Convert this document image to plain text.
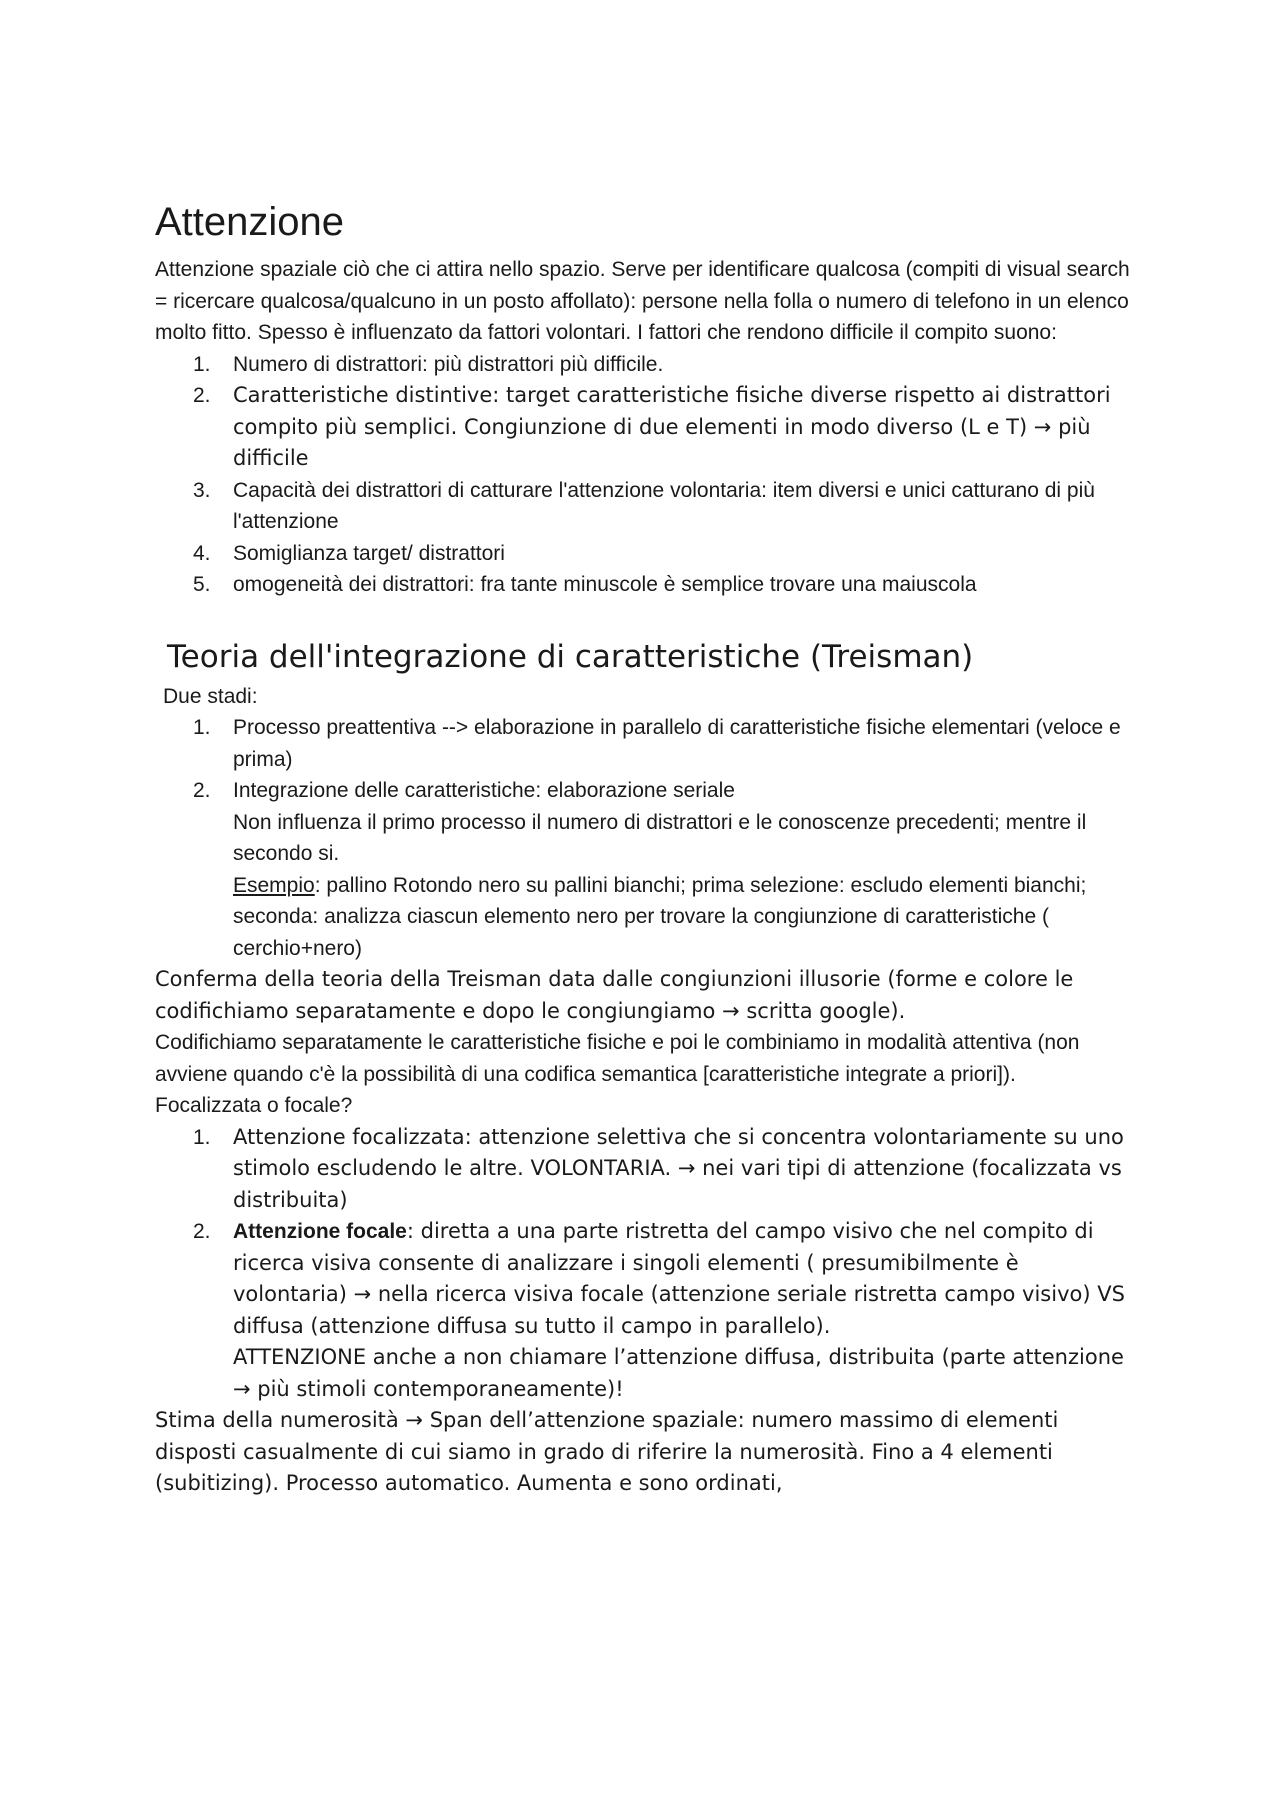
Attenzione

Attenzione spaziale ciò che ci attira nello spazio. Serve per identificare qualcosa (compiti di visual search = ricercare qualcosa/qualcuno in un posto affollato): persone nella folla o numero di telefono in un elenco molto fitto. Spesso è influenzato da fattori volontari. I fattori che rendono difficile il compito suono:

1.	Numero di distrattori: più distrattori più difficile.
2.	Caratteristiche distintive: target caratteristiche fisiche diverse rispetto ai distrattori compito più semplici. Congiunzione di due elementi in modo diverso (L e T) → più difficile
3.	Capacità dei distrattori di catturare l'attenzione volontaria: item diversi e unici catturano di più l'attenzione
4.	Somiglianza target/ distrattori
5.	omogeneità dei distrattori: fra tante minuscole è semplice trovare una maiuscola
Teoria dell'integrazione di caratteristiche (Treisman)

Due stadi:

1.	Processo preattentiva --> elaborazione in parallelo di caratteristiche fisiche elementari (veloce e prima)
2.	Integrazione delle caratteristiche: elaborazione seriale
Non influenza il primo processo il numero di distrattori e le conoscenze precedenti; mentre il secondo si.
Esempio: pallino Rotondo nero su pallini bianchi; prima selezione: escludo elementi bianchi; seconda: analizza ciascun elemento nero per trovare la congiunzione di caratteristiche ( cerchio+nero)

Conferma della teoria della Treisman data dalle congiunzioni illusorie (forme e colore le codifichiamo separatamente e dopo le congiungiamo → scritta google).

Codifichiamo separatamente le caratteristiche fisiche e poi le combiniamo in modalità attentiva (non avviene quando c'è la possibilità di una codifica semantica [caratteristiche integrate a priori]).

Focalizzata o focale?

1.	Attenzione focalizzata: attenzione selettiva che si concentra volontariamente su uno stimolo escludendo le altre. VOLONTARIA. → nei vari tipi di attenzione (focalizzata vs distribuita)
2.	Attenzione focale: diretta a una parte ristretta del campo visivo che nel compito di ricerca visiva consente di analizzare i singoli elementi ( presumibilmente è volontaria) → nella ricerca visiva focale (attenzione seriale ristretta campo visivo) VS diffusa (attenzione diffusa su tutto il campo in parallelo).
ATTENZIONE anche a non chiamare l’attenzione diffusa, distribuita (parte attenzione → più stimoli contemporaneamente)!

Stima della numerosità → Span dell’attenzione spaziale: numero massimo di elementi disposti casualmente di cui siamo in grado di riferire la numerosità. Fino a 4 elementi (subitizing). Processo automatico. Aumenta e sono ordinati,
